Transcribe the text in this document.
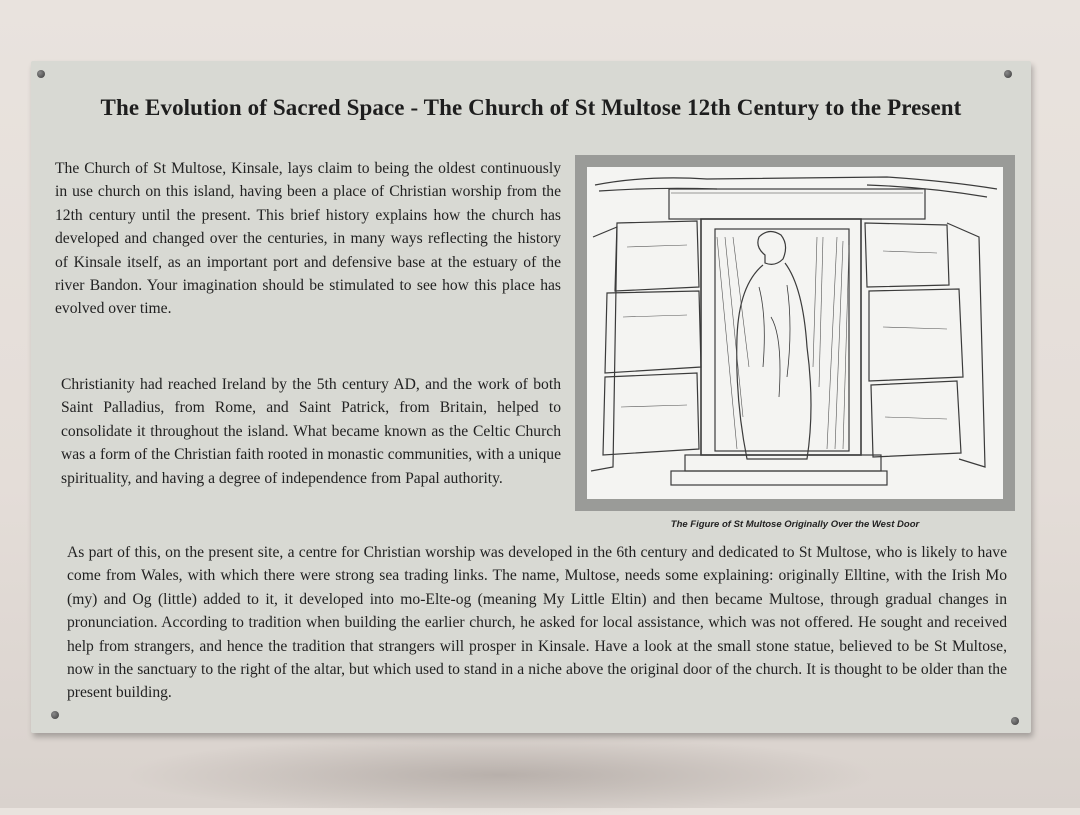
The Evolution of Sacred Space - The Church of St Multose 12th Century to the Present

The Church of St Multose, Kinsale, lays claim to being the oldest continuously in use church on this island, having been a place of Christian worship from the 12th century until the present. This brief history explains how the church has developed and changed over the centuries, in many ways reflecting the history of Kinsale itself, as an important port and defensive base at the estuary of the river Bandon. Your imagination should be stimulated to see how this place has evolved over time.

Christianity had reached Ireland by the 5th century AD, and the work of both Saint Palladius, from Rome, and Saint Patrick, from Britain, helped to consolidate it throughout the island. What became known as the Celtic Church was a form of the Christian faith rooted in monastic communities, with a unique spirituality, and having a degree of independence from Papal authority.

The Figure of St Multose Originally Over the West Door

As part of this, on the present site, a centre for Christian worship was developed in the 6th century and dedicated to St Multose, who is likely to have come from Wales, with which there were strong sea trading links. The name, Multose, needs some explaining: originally Elltine, with the Irish Mo (my) and Og (little) added to it, it developed into mo-Elte-og (meaning My Little Eltin) and then became Multose, through gradual changes in pronunciation. According to tradition when building the earlier church, he asked for local assistance, which was not offered. He sought and received help from strangers, and hence the tradition that strangers will prosper in Kinsale. Have a look at the small stone statue, believed to be St Multose, now in the sanctuary to the right of the altar, but which used to stand in a niche above the original door of the church. It is thought to be older than the present building.
